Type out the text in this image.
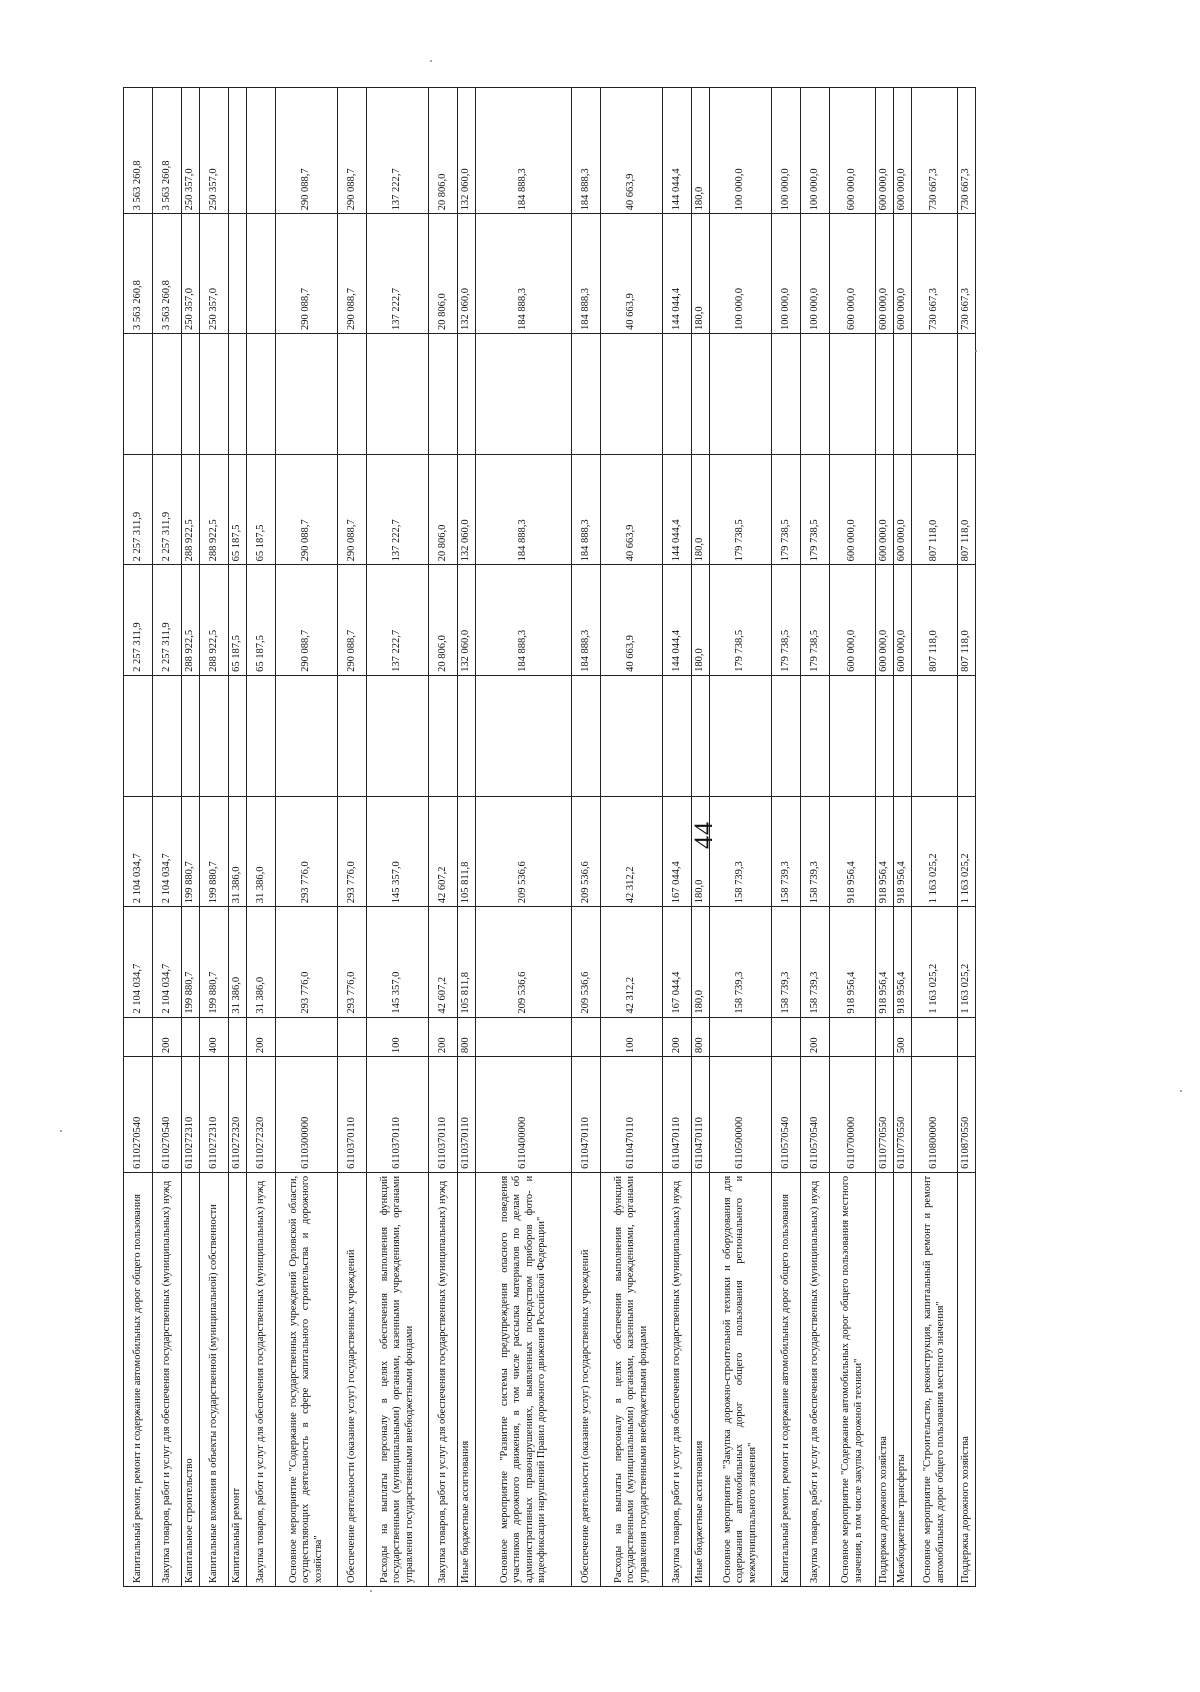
44
Капитальный ремонт, ремонт и содержание автомобильных дорог общего пользования	6110270540		2 104 034,7	2 104 034,7		2 257 311,9	2 257 311,9		3 563 260,8	3 563 260,8
Закупка товаров, работ и услуг для обеспечения государственных (муниципальных) нужд	6110270540	200	2 104 034,7	2 104 034,7		2 257 311,9	2 257 311,9		3 563 260,8	3 563 260,8
Капитальное строительство	6110272310		199 880,7	199 880,7		288 922,5	288 922,5		250 357,0	250 357,0
Капитальные вложения в объекты государственной (муниципальной) собственности	6110272310	400	199 880,7	199 880,7		288 922,5	288 922,5		250 357,0	250 357,0
Капитальный ремонт	6110272320		31 386,0	31 386,0		65 187,5	65 187,5			
Закупка товаров, работ и услуг для обеспечения государственных (муниципальных) нужд	6110272320	200	31 386,0	31 386,0		65 187,5	65 187,5			
Основное мероприятие "Содержание государственных учреждений Орловской области, осуществляющих деятельность в сфере капитального строительства и дорожного хозяйства"	6110300000		293 776,0	293 776,0		290 088,7	290 088,7		290 088,7	290 088,7
Обеспечение деятельности (оказание услуг) государственных учреждений	6110370110		293 776,0	293 776,0		290 088,7	290 088,7		290 088,7	290 088,7
Расходы на выплаты персоналу в целях обеспечения выполнения функций государственными (муниципальными) органами, казенными учреждениями, органами управления государственными внебюджетными фондами	6110370110	100	145 357,0	145 357,0		137 222,7	137 222,7		137 222,7	137 222,7
Закупка товаров, работ и услуг для обеспечения государственных (муниципальных) нужд	6110370110	200	42 607,2	42 607,2		20 806,0	20 806,0		20 806,0	20 806,0
Иные бюджетные ассигнования	6110370110	800	105 811,8	105 811,8		132 060,0	132 060,0		132 060,0	132 060,0
Основное мероприятие "Развитие системы предупреждения опасного поведения участников дорожного движения, в том числе рассылка материалов по делам об административных правонарушениях, выявленных посредством приборов фото- и видеофиксации нарушений Правил дорожного движения Российской Федерации"	6110400000		209 536,6	209 536,6		184 888,3	184 888,3		184 888,3	184 888,3
Обеспечение деятельности (оказание услуг) государственных учреждений	6110470110		209 536,6	209 536,6		184 888,3	184 888,3		184 888,3	184 888,3
Расходы на выплаты персоналу в целях обеспечения выполнения функций государственными (муниципальными) органами, казенными учреждениями, органами управления государственными внебюджетными фондами	6110470110	100	42 312,2	42 312,2		40 663,9	40 663,9		40 663,9	40 663,9
Закупка товаров, работ и услуг для обеспечения государственных (муниципальных) нужд	6110470110	200	167 044,4	167 044,4		144 044,4	144 044,4		144 044,4	144 044,4
Иные бюджетные ассигнования	6110470110	800	180,0	180,0		180,0	180,0		180,0	180,0
Основное мероприятие "Закупка дорожно-строительной техники и оборудования для содержания автомобильных дорог общего пользования регионального и межмуниципального значения"	6110500000		158 739,3	158 739,3		179 738,5	179 738,5		100 000,0	100 000,0
Капитальный ремонт, ремонт и содержание автомобильных дорог общего пользования	6110570540		158 739,3	158 739,3		179 738,5	179 738,5		100 000,0	100 000,0
Закупка товаров, работ и услуг для обеспечения государственных (муниципальных) нужд	6110570540	200	158 739,3	158 739,3		179 738,5	179 738,5		100 000,0	100 000,0
Основное мероприятие "Содержание автомобильных дорог общего пользования местного значения, в том числе закупка дорожной техники"	6110700000		918 956,4	918 956,4		600 000,0	600 000,0		600 000,0	600 000,0
Поддержка дорожного хозяйства	6110770550		918 956,4	918 956,4		600 000,0	600 000,0		600 000,0	600 000,0
Межбюджетные трансферты	6110770550	500	918 956,4	918 956,4		600 000,0	600 000,0		600 000,0	600 000,0
Основное мероприятие "Строительство, реконструкция, капитальный ремонт и ремонт автомобильных дорог общего пользования местного значения"	6110800000		1 163 025,2	1 163 025,2		807 118,0	807 118,0		730 667,3	730 667,3
Поддержка дорожного хозяйства	6110870550		1 163 025,2	1 163 025,2		807 118,0	807 118,0		730 667,3	730 667,3
